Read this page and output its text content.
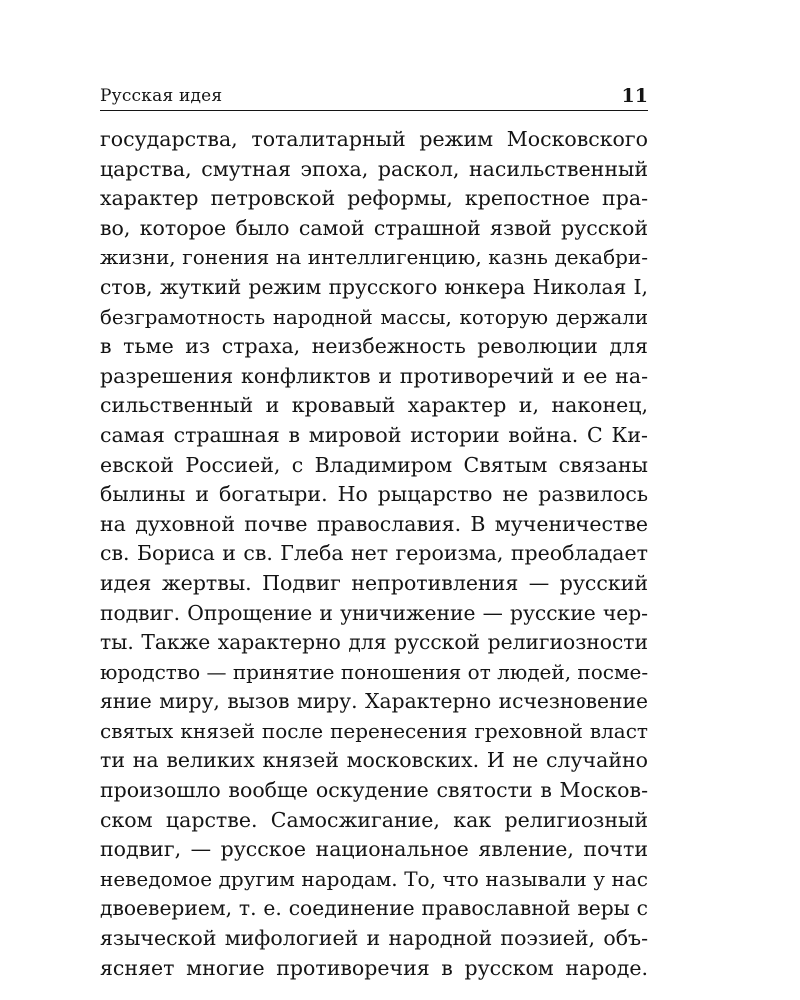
Русская идея	11
государства, тоталитарный режим Московского
царства, смутная эпоха, раскол, насильственный
характер петровской реформы, крепостное пра-
во, которое было самой страшной язвой русской
жизни, гонения на интеллигенцию, казнь декабри-
стов, жуткий режим прусского юнкера Николая I,
безграмотность народной массы, которую держали
в тьме из страха, неизбежность революции для
разрешения конфликтов и противоречий и ее на-
сильственный и кровавый характер и, наконец,
самая страшная в мировой истории война. С Ки-
евской Россией, с Владимиром Святым связаны
былины и богатыри. Но рыцарство не развилось
на духовной почве православия. В мученичестве
св. Бориса и св. Глеба нет героизма, преобладает
идея жертвы. Подвиг непротивления — русский
подвиг. Опрощение и уничижение — русские чер-
ты. Также характерно для русской религиозности
юродство — принятие поношения от людей, посме-
яние миру, вызов миру. Характерно исчезновение
святых князей после перенесения греховной власт
ти на великих князей московских. И не случайно
произошло вообще оскудение святости в Москов-
ском царстве. Самосжигание, как религиозный
подвиг, — русское национальное явление, почти
неведомое другим народам. То, что называли у нас
двоеверием, т. е. соединение православной веры с
языческой мифологией и народной поэзией, объ-
ясняет многие противоречия в русском народе.
